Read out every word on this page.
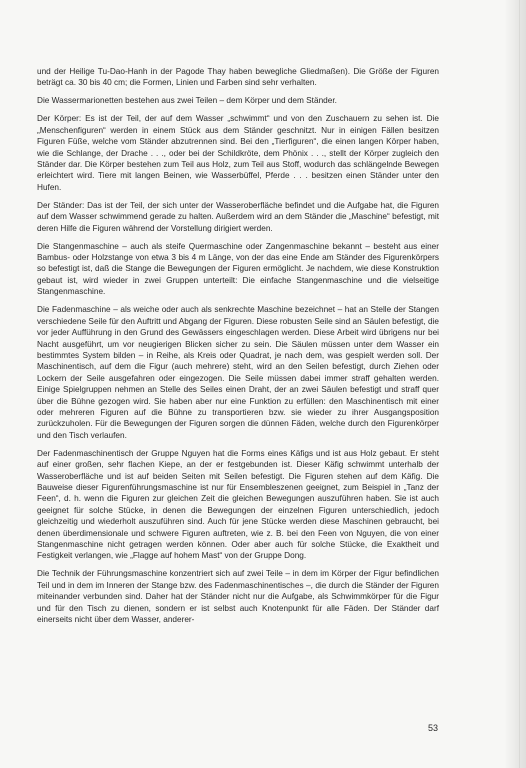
und der Heilige Tu-Dao-Hanh in der Pagode Thay haben bewegliche Gliedmaßen). Die Größe der Figuren beträgt ca. 30 bis 40 cm; die Formen, Linien und Farben sind sehr verhalten.

Die Wassermarionetten bestehen aus zwei Teilen – dem Körper und dem Ständer.

Der Körper: Es ist der Teil, der auf dem Wasser „schwimmt“ und von den Zuschauern zu sehen ist. Die „Menschenfiguren“ werden in einem Stück aus dem Ständer geschnitzt. Nur in einigen Fällen besitzen Figuren Füße, welche vom Ständer abzutrennen sind. Bei den „Tierfiguren“, die einen langen Körper haben, wie die Schlange, der Drache . . ., oder bei der Schildkröte, dem Phönix . . ., stellt der Körper zugleich den Ständer dar. Die Körper bestehen zum Teil aus Holz, zum Teil aus Stoff, wodurch das schlängelnde Bewegen erleichtert wird. Tiere mit langen Beinen, wie Wasserbüffel, Pferde . . . besitzen einen Ständer unter den Hufen.

Der Ständer: Das ist der Teil, der sich unter der Wasseroberfläche befindet und die Aufgabe hat, die Figuren auf dem Wasser schwimmend gerade zu halten. Außerdem wird an dem Ständer die „Maschine“ befestigt, mit deren Hilfe die Figuren während der Vorstellung dirigiert werden.

Die Stangenmaschine – auch als steife Quermaschine oder Zangenmaschine bekannt – besteht aus einer Bambus- oder Holzstange von etwa 3 bis 4 m Länge, von der das eine Ende am Ständer des Figurenkörpers so befestigt ist, daß die Stange die Bewegungen der Figuren ermöglicht. Je nachdem, wie diese Konstruktion gebaut ist, wird wieder in zwei Gruppen unterteilt: Die einfache Stangenmaschine und die vielseitige Stangenmaschine.

Die Fadenmaschine – als weiche oder auch als senkrechte Maschine bezeichnet – hat an Stelle der Stangen verschiedene Seile für den Auftritt und Abgang der Figuren. Diese robusten Seile sind an Säulen befestigt, die vor jeder Aufführung in den Grund des Gewässers eingeschlagen werden. Diese Arbeit wird übrigens nur bei Nacht ausgeführt, um vor neugierigen Blicken sicher zu sein. Die Säulen müssen unter dem Wasser ein bestimmtes System bilden – in Reihe, als Kreis oder Quadrat, je nach dem, was gespielt werden soll. Der Maschinentisch, auf dem die Figur (auch mehrere) steht, wird an den Seilen befestigt, durch Ziehen oder Lockern der Seile ausgefahren oder eingezogen. Die Seile müssen dabei immer straff gehalten werden. Einige Spielgruppen nehmen an Stelle des Seiles einen Draht, der an zwei Säulen befestigt und straff quer über die Bühne gezogen wird. Sie haben aber nur eine Funktion zu erfüllen: den Maschinentisch mit einer oder mehreren Figuren auf die Bühne zu transportieren bzw. sie wieder zu ihrer Ausgangsposition zurückzuholen. Für die Bewegungen der Figuren sorgen die dünnen Fäden, welche durch den Figurenkörper und den Tisch verlaufen.

Der Fadenmaschinentisch der Gruppe Nguyen hat die Forms eines Käfigs und ist aus Holz gebaut. Er steht auf einer großen, sehr flachen Kiepe, an der er festgebunden ist. Dieser Käfig schwimmt unterhalb der Wasseroberfläche und ist auf beiden Seiten mit Seilen befestigt. Die Figuren stehen auf dem Käfig. Die Bauweise dieser Figurenführungsmaschine ist nur für Ensembleszenen geeignet, zum Beispiel in „Tanz der Feen“, d. h. wenn die Figuren zur gleichen Zeit die gleichen Bewegungen auszuführen haben. Sie ist auch geeignet für solche Stücke, in denen die Bewegungen der einzelnen Figuren unterschiedlich, jedoch gleichzeitig und wiederholt auszuführen sind. Auch für jene Stücke werden diese Maschinen gebraucht, bei denen überdimensionale und schwere Figuren auftreten, wie z. B. bei den Feen von Nguyen, die von einer Stangenmaschine nicht getragen werden können. Oder aber auch für solche Stücke, die Exaktheit und Festigkeit verlangen, wie „Flagge auf hohem Mast“ von der Gruppe Dong.

Die Technik der Führungsmaschine konzentriert sich auf zwei Teile – in dem im Körper der Figur befindlichen Teil und in dem im Inneren der Stange bzw. des Fadenmaschinentisches –, die durch die Ständer der Figuren miteinander verbunden sind. Daher hat der Ständer nicht nur die Aufgabe, als Schwimmkörper für die Figur und für den Tisch zu dienen, sondern er ist selbst auch Knotenpunkt für alle Fäden. Der Ständer darf einerseits nicht über dem Wasser, anderer-

53
